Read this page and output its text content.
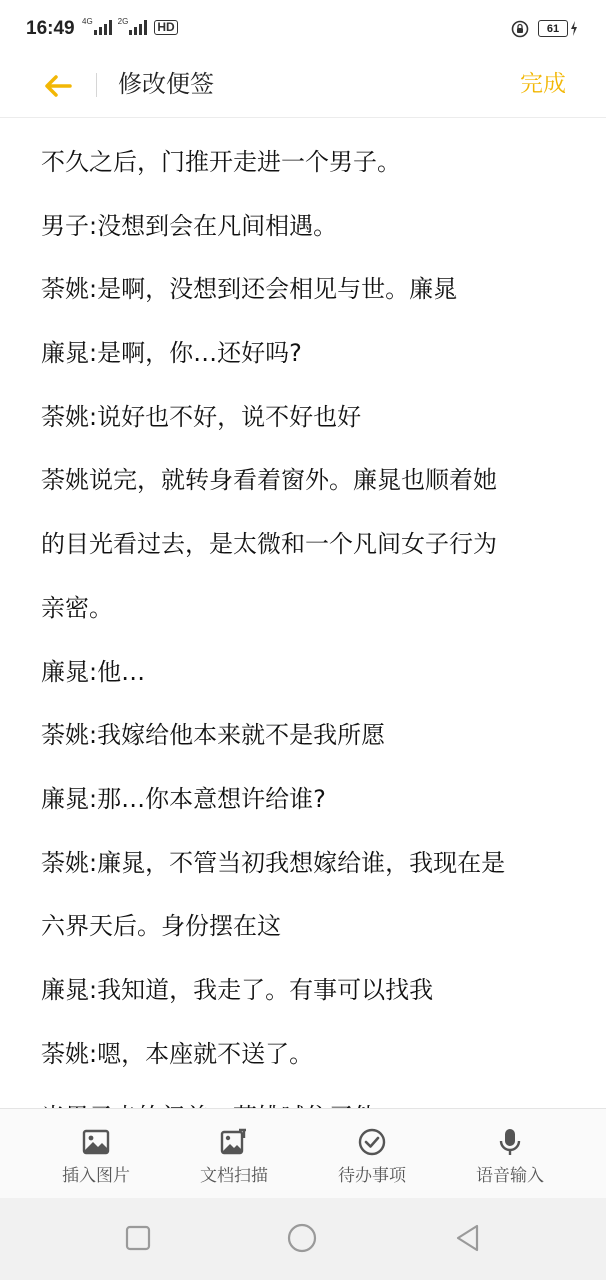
16:49 4G	2G HD	61
修改便签	完成
不久之后，门推开走进一个男子。
男子:没想到会在凡间相遇。
荼姚:是啊，没想到还会相见与世。廉晁
廉晁:是啊，你…还好吗?
荼姚:说好也不好，说不好也好
荼姚说完，就转身看着窗外。廉晁也顺着她
的目光看过去，是太微和一个凡间女子行为
亲密。
廉晁:他…
荼姚:我嫁给他本来就不是我所愿
廉晁:那…你本意想许给谁?
荼姚:廉晁，不管当初我想嫁给谁，我现在是
六界天后。身份摆在这
廉晁:我知道，我走了。有事可以找我
荼姚:嗯，本座就不送了。
插入图片	文档扫描	待办事项	语音输入
